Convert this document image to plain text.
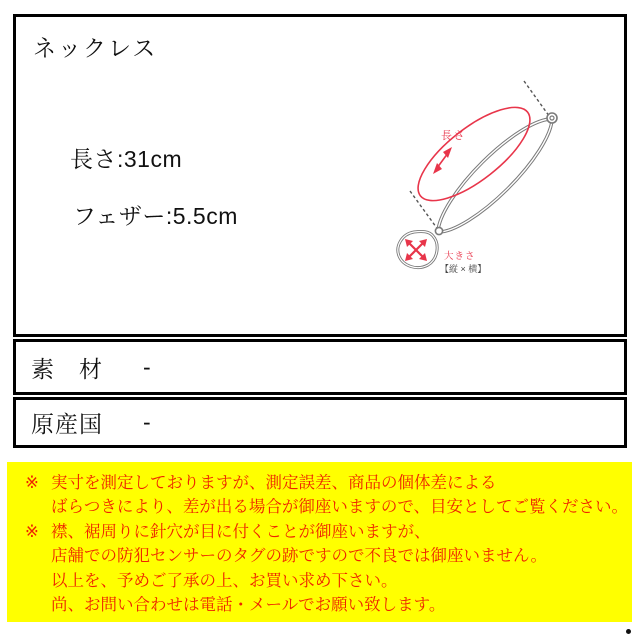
ネックレス
長さ:31cm
フェザー:5.5cm
長さ
大きさ
【縦 × 横】
素　材	-
原産国	-
※ 実寸を測定しておりますが、測定誤差、商品の個体差による
ばらつきにより、差が出る場合が御座いますので、目安としてご覧ください。
※ 襟、裾周りに針穴が目に付くことが御座いますが、
店舗での防犯センサーのタグの跡ですので不良では御座いません。
以上を、予めご了承の上、お買い求め下さい。
尚、お問い合わせは電話・メールでお願い致します。
